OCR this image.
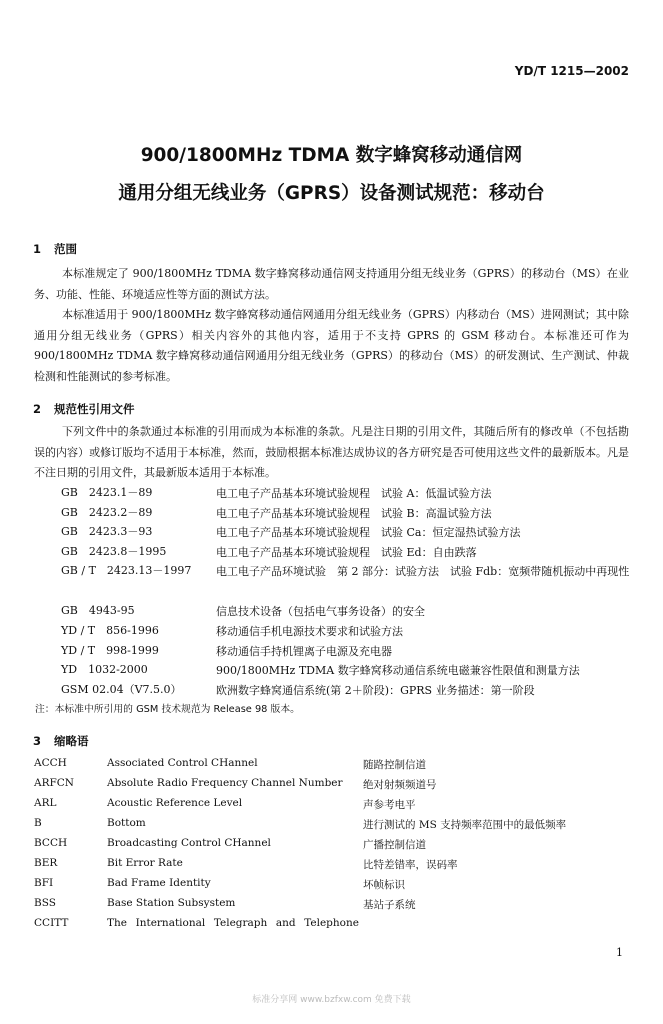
YD/T 1215—2002
900/1800MHz TDMA 数字蜂窝移动通信网
通用分组无线业务（GPRS）设备测试规范：移动台
1 范围

本标准规定了 900/1800MHz TDMA 数字蜂窝移动通信网支持通用分组无线业务（GPRS）的移动台（MS）在业务、功能、性能、环境适应性等方面的测试方法。

本标准适用于 900/1800MHz 数字蜂窝移动通信网通用分组无线业务（GPRS）内移动台（MS）进网测试；其中除通用分组无线业务（GPRS）相关内容外的其他内容，适用于不支持 GPRS 的 GSM 移动台。本标准还可作为 900/1800MHz TDMA 数字蜂窝移动通信网通用分组无线业务（GPRS）的移动台（MS）的研发测试、生产测试、仲裁检测和性能测试的参考标准。

2 规范性引用文件

下列文件中的条款通过本标准的引用而成为本标准的条款。凡是注日期的引用文件，其随后所有的修改单（不包括勘误的内容）或修订版均不适用于本标准，然而，鼓励根据本标准达成协议的各方研究是否可使用这些文件的最新版本。凡是不注日期的引用文件，其最新版本适用于本标准。

GB　2423.1－89	电工电子产品基本环境试验规程　试验 A：低温试验方法
GB　2423.2－89	电工电子产品基本环境试验规程　试验 B：高温试验方法
GB　2423.3－93	电工电子产品基本环境试验规程　试验 Ca：恒定湿热试验方法
GB　2423.8－1995	电工电子产品基本环境试验规程　试验 Ed：自由跌落
GB / T　2423.13－1997 电工电子产品环境试验　第 2 部分：试验方法　试验 Fdb：宽频带随机振动中再现性
GB　4943-95	信息技术设备（包括电气事务设备）的安全
YD / T　856-1996	移动通信手机电源技术要求和试验方法
YD / T　998-1999	移动通信手持机锂离子电源及充电器
YD　1032-2000	900/1800MHz TDMA 数字蜂窝移动通信系统电磁兼容性限值和测量方法
GSM 02.04（V7.5.0）	欧洲数字蜂窝通信系统(第 2＋阶段)：GPRS 业务描述：第一阶段
注：本标准中所引用的 GSM 技术规范为 Release 98 版本。
3 缩略语
ACCH	Associated Control CHannel	随路控制信道
ARFCN	Absolute Radio Frequency Channel Number 绝对射频频道号
ARL	Acoustic Reference Level	声参考电平
B	Bottom	进行测试的 MS 支持频率范围中的最低频率
BCCH	Broadcasting Control CHannel	广播控制信道
BER	Bit Error Rate	比特差错率，误码率
BFI	Bad Frame Identity	坏帧标识
BSS	Base Station Subsystem	基站子系统
CCITT	The International Telegraph and Telephone
1
标准分享网 www.bzfxw.com 免费下载
